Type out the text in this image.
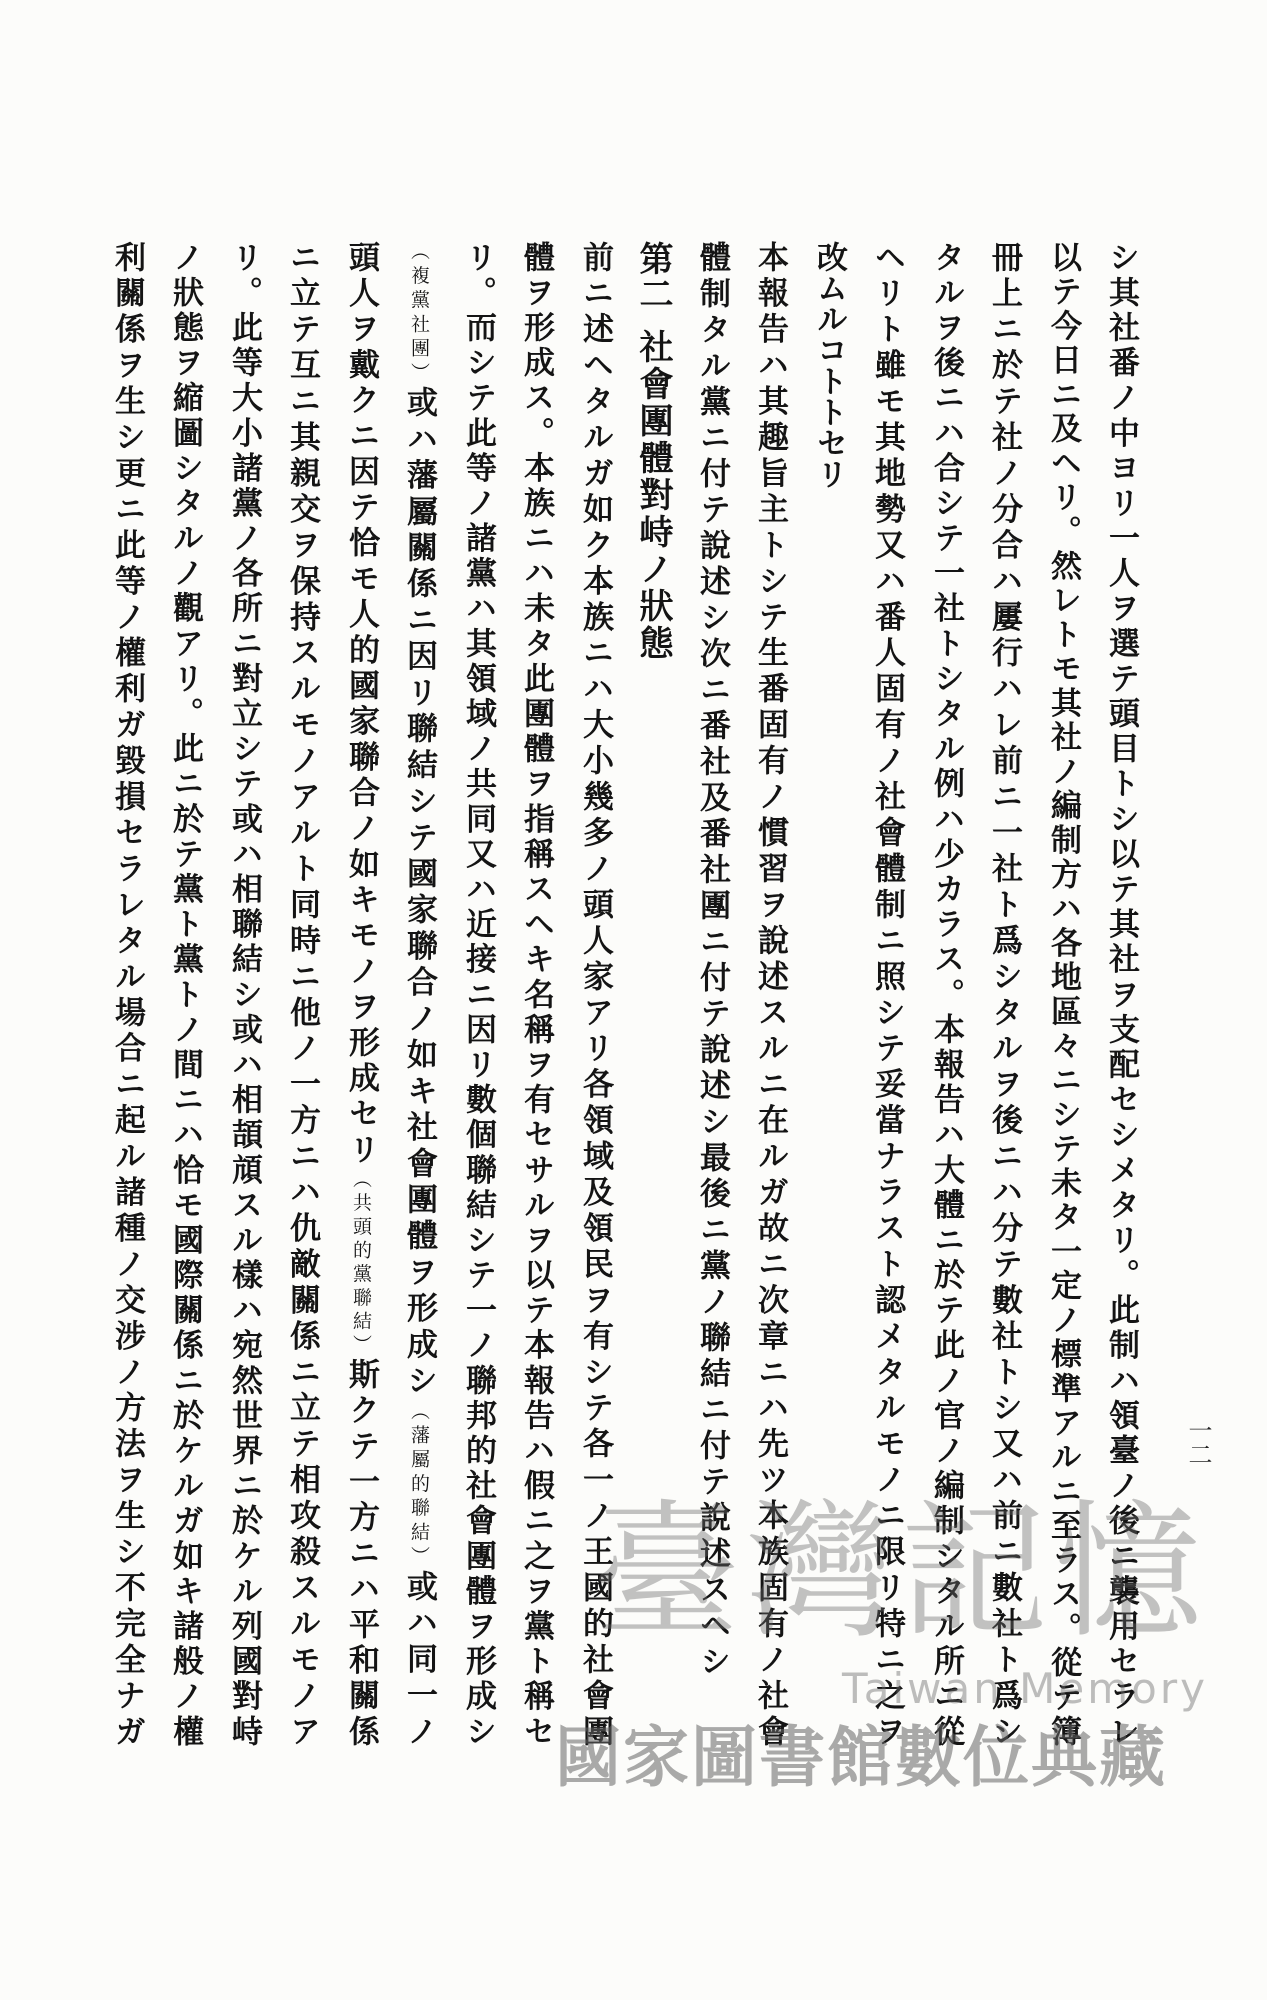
シ其社番ノ中ヨリ一人ヲ選テ頭目トシ以テ其社ヲ支配セシメタリ。此制ハ領臺ノ後ニ襲用セラレ
以テ今日ニ及ヘリ。然レトモ其社ノ編制方ハ各地區々ニシテ未タ一定ノ標準アルニ至ラス。從テ簿
冊上ニ於テ社ノ分合ハ屢行ハレ前ニ一社ト爲シタルヲ後ニハ分テ數社トシ又ハ前ニ數社ト爲シ
タルヲ後ニハ合シテ一社トシタル例ハ少カラス。本報告ハ大體ニ於テ此ノ官ノ編制シタル所ニ從
ヘリト雖モ其地勢又ハ番人固有ノ社會體制ニ照シテ妥當ナラスト認メタルモノニ限リ特ニ之ヲ
改ムルコトトセリ
本報告ハ其趣旨主トシテ生番固有ノ慣習ヲ說述スルニ在ルガ故ニ次章ニハ先ツ本族固有ノ社會
體制タル黨ニ付テ說述シ次ニ番社及番社團ニ付テ說述シ最後ニ黨ノ聯結ニ付テ說述スヘシ
第二社會團體對峙ノ狀態
前ニ述ヘタルガ如ク本族ニハ大小幾多ノ頭人家アリ各領域及領民ヲ有シテ各一ノ王國的社會團
體ヲ形成ス。本族ニハ未タ此團體ヲ指稱スヘキ名稱ヲ有セサルヲ以テ本報告ハ假ニ之ヲ黨ト稱セ
リ。而シテ此等ノ諸黨ハ其領域ノ共同又ハ近接ニ因リ數個聯結シテ一ノ聯邦的社會團體ヲ形成シ
（複黨社團）或ハ藩屬關係ニ因リ聯結シテ國家聯合ノ如キ社會團體ヲ形成シ（藩屬的聯結）或ハ同一ノ
頭人ヲ戴クニ因テ恰モ人的國家聯合ノ如キモノヲ形成セリ（共頭的黨聯結）斯クテ一方ニハ平和關係
ニ立テ互ニ其親交ヲ保持スルモノアルト同時ニ他ノ一方ニハ仇敵關係ニ立テ相攻殺スルモノア
リ。此等大小諸黨ノ各所ニ對立シテ或ハ相聯結シ或ハ相頡頏スル樣ハ宛然世界ニ於ケル列國對峙
ノ狀態ヲ縮圖シタルノ觀アリ。此ニ於テ黨ト黨トノ間ニハ恰モ國際關係ニ於ケルガ如キ諸般ノ權
利關係ヲ生シ更ニ此等ノ權利ガ毀損セラレタル場合ニ起ル諸種ノ交涉ノ方法ヲ生シ不完全ナガ	一二
臺灣記憶
Taiwan Memory
國家圖書館數位典藏
